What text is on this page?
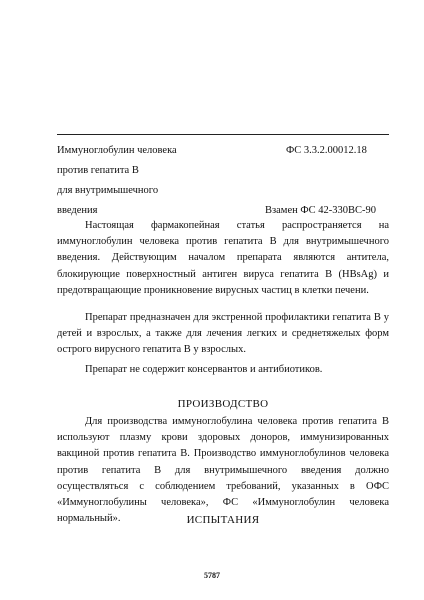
Иммуноглобулин человека
против гепатита В
для внутримышечного
введения
ФС 3.3.2.00012.18
Взамен ФС 42-330ВС-90

Настоящая фармакопейная статья распространяется на иммуноглобулин человека против гепатита В для внутримышечного введения. Действующим началом препарата являются антитела, блокирующие поверхностный антиген вируса гепатита В (HBsAg) и предотвращающие проникновение вирусных частиц в клетки печени.

Препарат предназначен для экстренной профилактики гепатита В у детей и взрослых, а также для лечения легких и среднетяжелых форм острого вирусного гепатита В у взрослых.

Препарат не содержит консервантов и антибиотиков.

ПРОИЗВОДСТВО

Для производства иммуноглобулина человека против гепатита В используют плазму крови здоровых доноров, иммунизированных вакциной против гепатита В. Производство иммуноглобулинов человека против гепатита В для внутримышечного введения должно осуществляться с соблюдением требований, указанных в ОФС «Иммуноглобулины человека», ФС «Иммуноглобулин человека нормальный».	ИСПЫТАНИЯ
5787
